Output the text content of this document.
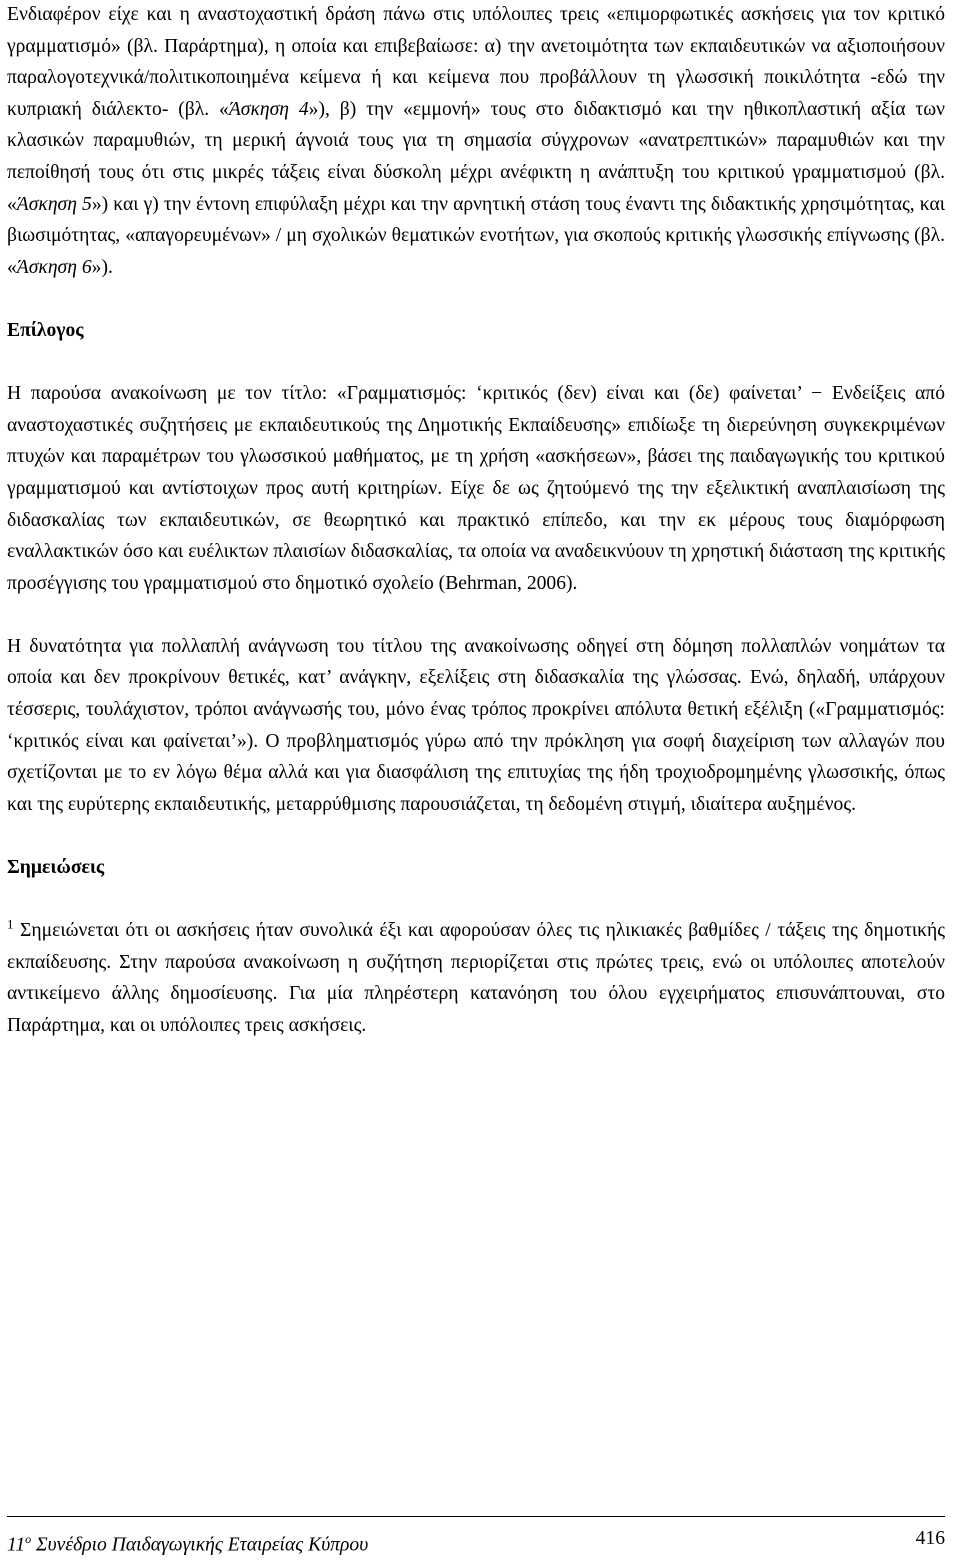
Ενδιαφέρον είχε και η αναστοχαστική δράση πάνω στις υπόλοιπες τρεις «επιμορφωτικές ασκήσεις για τον κριτικό γραμματισμό» (βλ. Παράρτημα), η οποία και επιβεβαίωσε: α) την ανετοιμότητα των εκπαιδευτικών να αξιοποιήσουν παραλογοτεχνικά/πολιτικοποιημένα κείμενα ή και κείμενα που προβάλλουν τη γλωσσική ποικιλότητα -εδώ την κυπριακή διάλεκτο- (βλ. «Άσκηση 4»), β) την «εμμονή» τους στο διδακτισμό και την ηθικοπλαστική αξία των κλασικών παραμυθιών, τη μερική άγνοιά τους για τη σημασία σύγχρονων «ανατρεπτικών» παραμυθιών και την πεποίθησή τους ότι στις μικρές τάξεις είναι δύσκολη μέχρι ανέφικτη η ανάπτυξη του κριτικού γραμματισμού (βλ. «Άσκηση 5») και γ) την έντονη επιφύλαξη μέχρι και την αρνητική στάση τους έναντι της διδακτικής χρησιμότητας, και βιωσιμότητας, «απαγορευμένων» / μη σχολικών θεματικών ενοτήτων, για σκοπούς κριτικής γλωσσικής επίγνωσης (βλ. «Άσκηση 6»).

Επίλογος

Η παρούσα ανακοίνωση με τον τίτλο: «Γραμματισμός: ‘κριτικός (δεν) είναι και (δε) φαίνεται’ − Ενδείξεις από αναστοχαστικές συζητήσεις με εκπαιδευτικούς της Δημοτικής Εκπαίδευσης» επιδίωξε τη διερεύνηση συγκεκριμένων πτυχών και παραμέτρων του γλωσσικού μαθήματος, με τη χρήση «ασκήσεων», βάσει της παιδαγωγικής του κριτικού γραμματισμού και αντίστοιχων προς αυτή κριτηρίων. Είχε δε ως ζητούμενό της την εξελικτική αναπλαισίωση της διδασκαλίας των εκπαιδευτικών, σε θεωρητικό και πρακτικό επίπεδο, και την εκ μέρους τους διαμόρφωση εναλλακτικών όσο και ευέλικτων πλαισίων διδασκαλίας, τα οποία να αναδεικνύουν τη χρηστική διάσταση της κριτικής προσέγγισης του γραμματισμού στο δημοτικό σχολείο (Behrman, 2006).

Η δυνατότητα για πολλαπλή ανάγνωση του τίτλου της ανακοίνωσης οδηγεί στη δόμηση πολλαπλών νοημάτων τα οποία και δεν προκρίνουν θετικές, κατ’ ανάγκην, εξελίξεις στη διδασκαλία της γλώσσας. Ενώ, δηλαδή, υπάρχουν τέσσερις, τουλάχιστον, τρόποι ανάγνωσής του, μόνο ένας τρόπος προκρίνει απόλυτα θετική εξέλιξη («Γραμματισμός: ‘κριτικός είναι και φαίνεται’»). Ο προβληματισμός γύρω από την πρόκληση για σοφή διαχείριση των αλλαγών που σχετίζονται με το εν λόγω θέμα αλλά και για διασφάλιση της επιτυχίας της ήδη τροχιοδρομημένης γλωσσικής, όπως και της ευρύτερης εκπαιδευτικής, μεταρρύθμισης παρουσιάζεται, τη δεδομένη στιγμή, ιδιαίτερα αυξημένος.

Σημειώσεις

$^1$ Σημειώνεται ότι οι ασκήσεις ήταν συνολικά έξι και αφορούσαν όλες τις ηλικιακές βαθμίδες / τάξεις της δημοτικής εκπαίδευσης. Στην παρούσα ανακοίνωση η συζήτηση περιορίζεται στις πρώτες τρεις, ενώ οι υπόλοιπες αποτελούν αντικείμενο άλλης δημοσίευσης. Για μία πληρέστερη κατανόηση του όλου εγχειρήματος επισυνάπτουναι, στο Παράρτημα, και οι υπόλοιπες τρεις ασκήσεις.

$11^o$ Συνέδριο Παιδαγωγικής Εταιρείας Κύπρου	416
